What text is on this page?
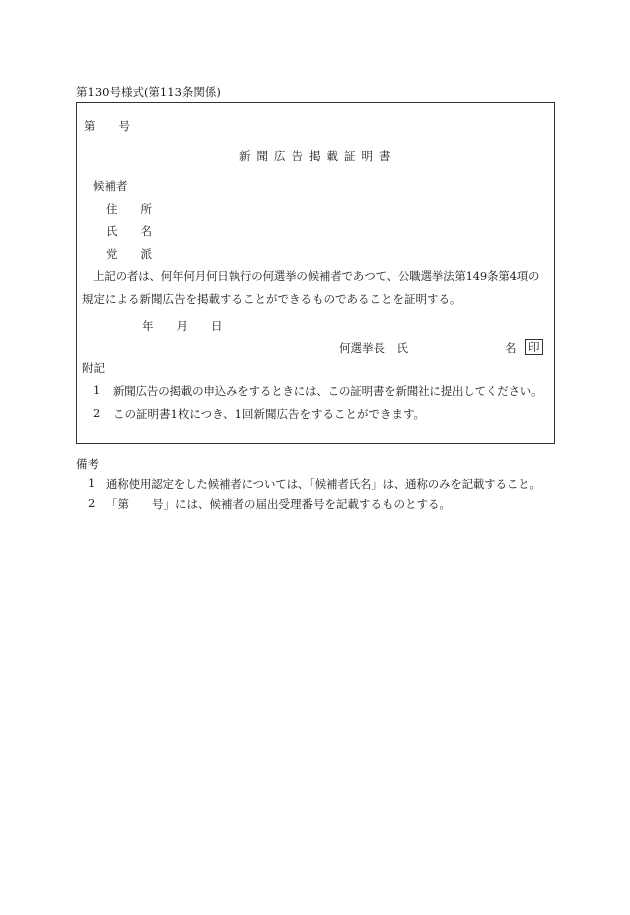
第130号様式(第113条関係)
第　　号
新聞広告掲載証明書
候補者
住　　所
氏　　名
党　　派
上記の者は、何年何月何日執行の何選挙の候補者であつて、公職選挙法第149条第4項の
規定による新聞広告を掲載することができるものであることを証明する。
年　　月　　日
何選挙長　氏	名 印
附記
1 新聞広告の掲載の申込みをするときには、この証明書を新聞社に提出してください。
2 この証明書1枚につき、1回新聞広告をすることができます。
備考
1 通称使用認定をした候補者については、「候補者氏名」は、通称のみを記載すること。
2 「第　　号」には、候補者の届出受理番号を記載するものとする。
